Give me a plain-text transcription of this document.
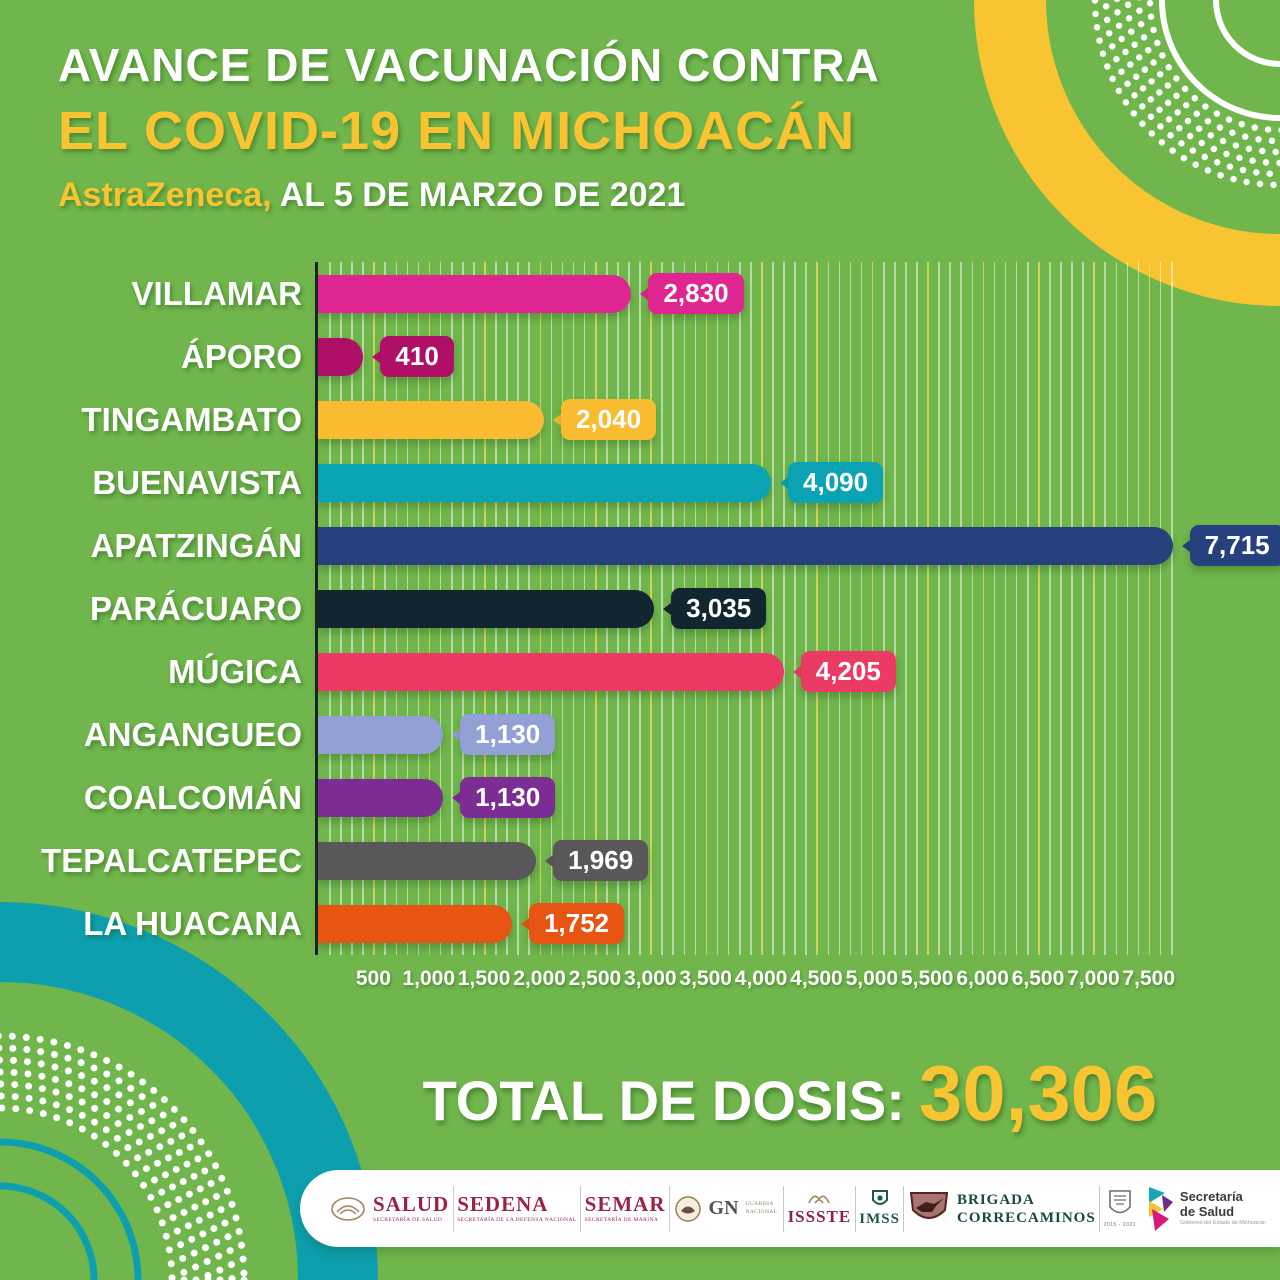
AVANCE DE VACUNACIÓN CONTRA
EL COVID-19 EN MICHOACÁN
AstraZeneca, AL 5 DE MARZO DE 2021
VILLAMAR	2,830
ÁPORO	410
TINGAMBATO	2,040
BUENAVISTA	4,090
APATZINGÁN	7,715
PARÁCUARO	3,035
MÚGICA	4,205
ANGANGUEO	1,130
COALCOMÁN	1,130
TEPALCATEPEC	1,969
LA HUACANA	1,752
500 1,000 1,500 2,000 2,500 3,000 3,500 4,000 4,500 5,000 5,500 6,000 6,500 7,000 7,500
TOTAL DE DOSIS: 30,306
SALUD
SECRETARÍA DE SALUD
SEDENA
SECRETARÍA DE LA DEFENSA NACIONAL
SEMAR
SECRETARÍA DE MARINA
GN GUARDIA NACIONAL ISSSTE IMSS
BRIGADA
CORRECAMINOS 2015 - 2021
Secretaría
de Salud
Gobierno del Estado de Michoacán
